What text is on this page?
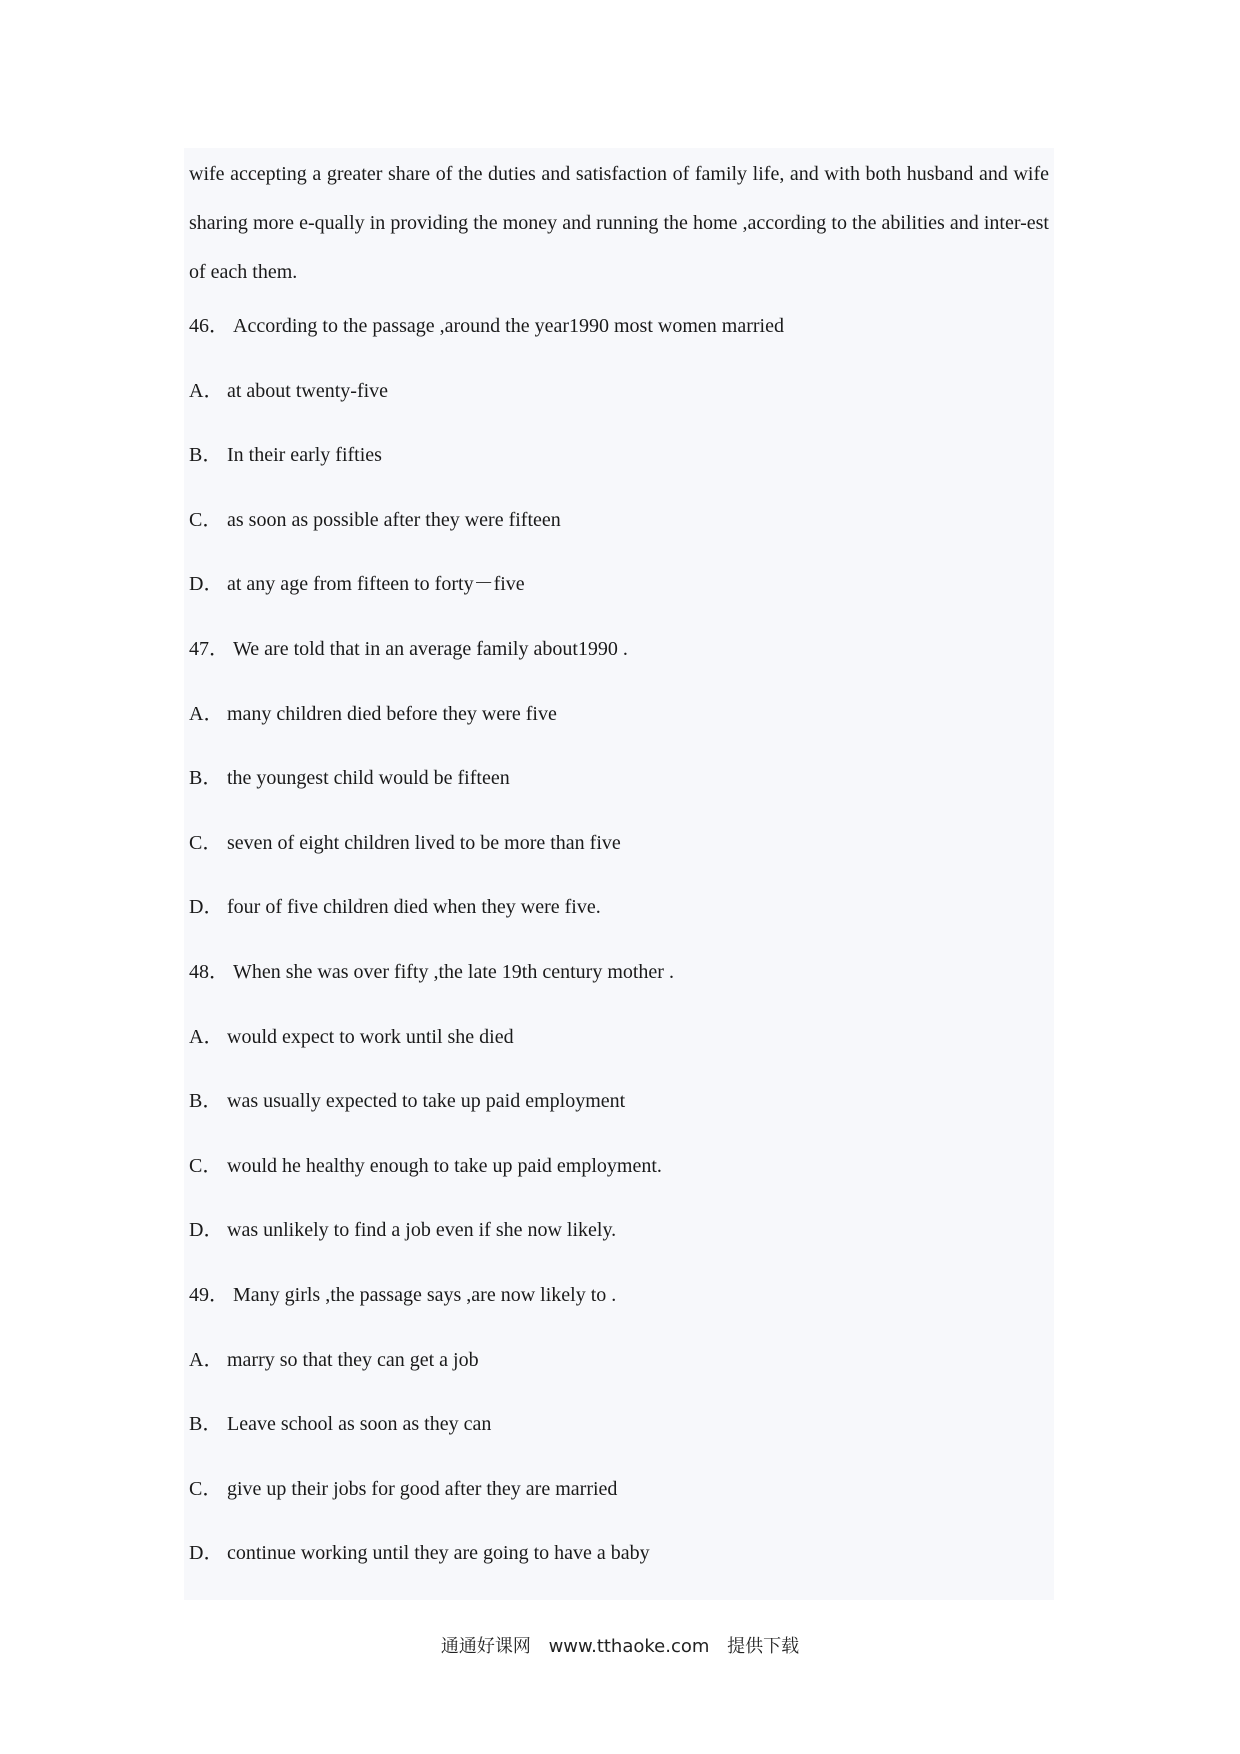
wife accepting a greater share of the duties and satisfaction of family life, and with both husband and wife sharing more e-qually in providing the money and running the home ,according to the abilities and inter-est of each them.

46． According to the passage ,around the year1990 most women married
A． at about twenty-five
B． In their early fifties
C． as soon as possible after they were fifteen
D． at any age from fifteen to forty－five
47． We are told that in an average family about1990 .
A． many children died before they were five
B． the youngest child would be fifteen
C． seven of eight children lived to be more than five
D． four of five children died when they were five.
48． When she was over fifty ,the late 19th century mother .
A． would expect to work until she died
B． was usually expected to take up paid employment
C． would he healthy enough to take up paid employment.
D． was unlikely to find a job even if she now likely.
49． Many girls ,the passage says ,are now likely to .
A． marry so that they can get a job
B． Leave school as soon as they can
C． give up their jobs for good after they are married
D． continue working until they are going to have a baby
通通好课网 www.tthaoke.com 提供下载
